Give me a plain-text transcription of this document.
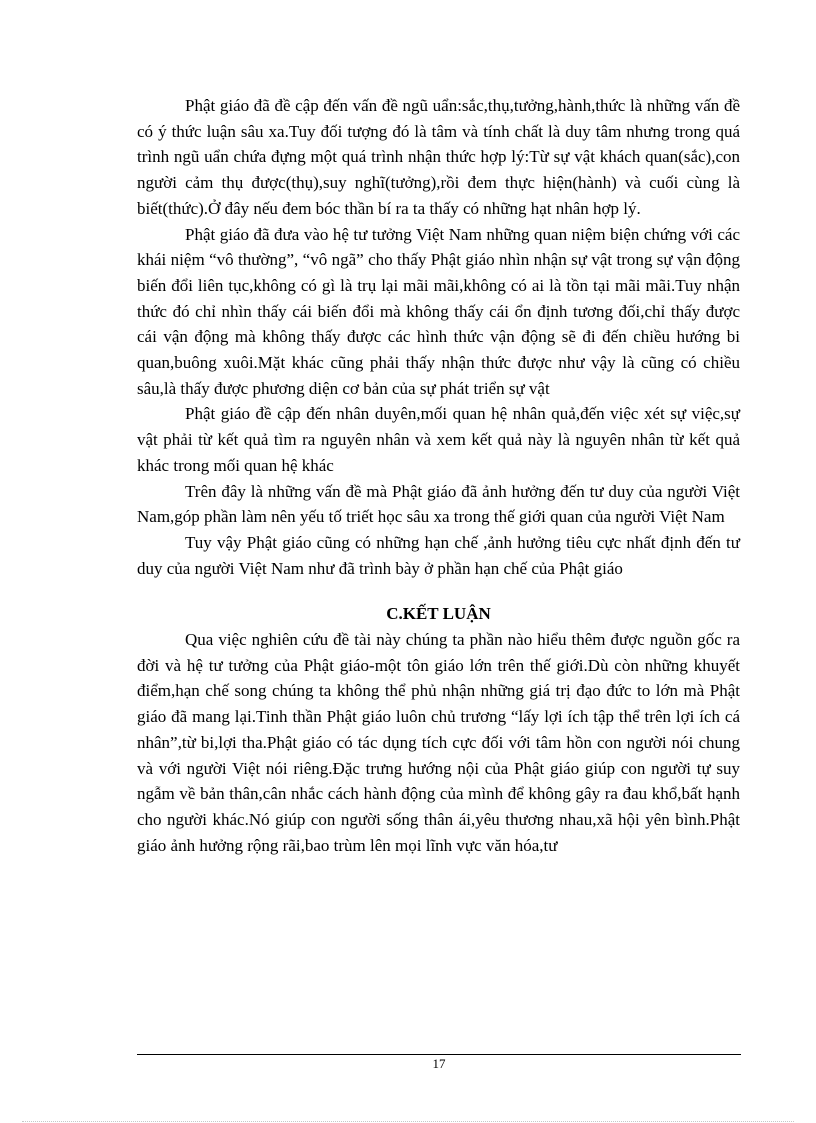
Phật giáo đã đề cập đến vấn đề ngũ uẩn:sắc,thụ,tưởng,hành,thức là những vấn đề có ý thức luận sâu xa.Tuy đối tượng đó là tâm và tính chất là duy tâm nhưng trong quá trình ngũ uẩn chứa đựng một quá trình nhận thức hợp lý:Từ sự vật khách quan(sắc),con người cảm thụ được(thụ),suy nghĩ(tưởng),rồi đem thực hiện(hành) và cuối cùng là biết(thức).Ở đây nếu đem bóc thần bí ra ta thấy có những hạt nhân hợp lý.

Phật giáo đã đưa vào hệ tư tưởng Việt Nam những quan niệm biện chứng với các khái niệm “vô thường”, “vô ngã” cho thấy Phật giáo nhìn nhận sự vật trong sự vận động biến đổi liên tục,không có gì là trụ lại mãi mãi,không có ai là tồn tại mãi mãi.Tuy nhận thức đó chỉ nhìn thấy cái biến đổi mà không thấy cái ổn định tương đối,chỉ thấy được cái vận động mà không thấy được các hình thức vận động sẽ đi đến chiều hướng bi quan,buông xuôi.Mặt khác cũng phải thấy nhận thức được như vậy là cũng có chiều sâu,là thấy được phương diện cơ bản của sự phát triển sự vật

Phật giáo đề cập đến nhân duyên,mối quan hệ nhân quả,đến việc xét sự việc,sự vật phải từ kết quả tìm ra nguyên nhân và xem kết quả này là nguyên nhân từ kết quả khác trong mối quan hệ khác

Trên đây là những vấn đề mà Phật giáo đã ảnh hưởng đến tư duy của người Việt Nam,góp phần làm nên yếu tố triết học sâu xa trong thế giới quan của người Việt Nam

Tuy vậy Phật giáo cũng có những hạn chế ,ảnh hưởng tiêu cực nhất định đến tư duy của người Việt Nam như đã trình bày ở phần hạn chế của Phật giáo

C.KẾT LUẬN

Qua việc nghiên cứu đề tài này chúng ta phần nào hiểu thêm được nguồn gốc ra đời và hệ tư tưởng của Phật giáo-một tôn giáo lớn trên thế giới.Dù còn những khuyết điểm,hạn chế song chúng ta không thể phủ nhận những giá trị đạo đức to lớn mà Phật giáo đã mang lại.Tinh thần Phật giáo luôn chủ trương “lấy lợi ích tập thể trên lợi ích cá nhân”,từ bi,lợi tha.Phật giáo có tác dụng tích cực đối với tâm hồn con người nói chung và với người Việt nói riêng.Đặc trưng hướng nội của Phật giáo giúp con người tự suy ngẫm về bản thân,cân nhắc cách hành động của mình để không gây ra đau khổ,bất hạnh cho người khác.Nó giúp con người sống thân ái,yêu thương nhau,xã hội yên bình.Phật giáo ảnh hưởng rộng rãi,bao trùm lên mọi lĩnh vực văn hóa,tư

17
